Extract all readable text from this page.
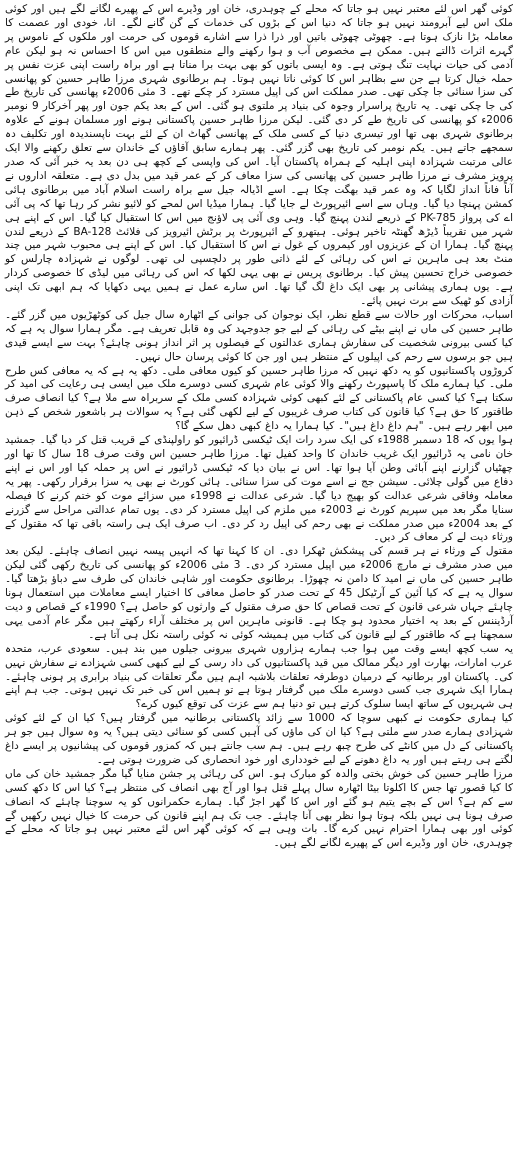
کوئی گھر اس لئے معتبر نہیں ہو جاتا کہ محلے کے چوہدری، خان اور وڈیرے اس کے پھیرے لگانے لگے ہیں اور کوئی ملک اس لیے آبرومند نہیں ہو جاتا کہ دنیا اس کے بڑوں کی خدمات کے گن گانے لگے۔ انا، خودی اور عصمت کا معاملہ بڑا نازک ہوتا ہے۔ چھوٹی چھوٹی باتیں اور ذرا ذرا سے اشارے قوموں کی حرمت اور ملکوں کے ناموس پر گہرے اثرات ڈالتے ہیں۔ ممکن ہے مخصوص آب و ہوا رکھنے والے منطقوں میں اس کا احساس نہ ہو لیکن عام آدمی کی حیات نہایت تنگ ہوتی ہے۔ وہ ایسی باتوں کو بھی بہت برا مناتا ہے اور براہ راست اپنی عزت نفس پر حملہ خیال کرتا ہے جن سے بظاہر اس کا کوئی ناتا نہیں ہوتا۔ ہم برطانوی شہری مرزا طاہر حسین کو پھانسی کی سزا سنائی جا چکی تھی۔ صدر مملکت اس کی اپیل مسترد کر چکے تھے۔ 3 مئی 2006ء پھانسی کی تاریخ طے کی جا چکی تھی۔ یہ تاریخ پراسرار وجوہ کی بنیاد پر ملتوی ہو گئی۔ اس کے بعد یکم جون اور پھر آخرکار 9 نومبر 2006ء کو پھانسی کی تاریخ طے کر دی گئی۔ لیکن مرزا طاہر حسین پاکستانی ہونے اور مسلمان ہونے کے علاوہ برطانوی شہری بھی تھا اور تیسری دنیا کے کسی ملک کے پھانسی گھاٹ ان کے لئے بہت ناپسندیدہ اور تکلیف دہ سمجھے جاتے ہیں۔ یکم نومبر کی تاریخ بھی گزر گئی۔ پھر ہمارے سابق آقاؤں کے خاندان سے تعلق رکھنے والا ایک عالی مرتبت شہزادہ اپنی اہلیہ کے ہمراہ پاکستان آیا۔ اس کی واپسی کے کچھ ہی دن بعد یہ خبر آئی کہ صدر پرویز مشرف نے مرزا طاہر حسین کی پھانسی کی سزا معاف کر کے عمر قید میں بدل دی ہے۔ متعلقہ اداروں نے آناً فاناً انداز لگایا کہ وہ عمر قید بھگت چکا ہے۔ اسے اڈیالہ جیل سے براہ راست اسلام آباد میں برطانوی ہائی کمشن پہنچا دیا گیا۔ وہاں سے اسے ائیرپورٹ لے جایا گیا۔ ہمارا میڈیا اس لمحے کو لائیو نشر کر رہا تھا کہ پی آئی اے کی پرواز PK-785 کے ذریعے لندن پہنچ گیا۔ وہی وی آئی پی لاؤنج میں اس کا استقبال کیا گیا۔ اس کے اپنے ہی شہر میں تقریباً ڈیڑھ گھنٹہ تاخیر ہوئی۔ ہیتھرو کے ائیرپورٹ پر برٹش ائیرویز کی فلائٹ BA-128 کے ذریعے لندن پہنچ گیا۔ ہمارا ان کے عزیزوں اور کیمروں کے غول نے اس کا استقبال کیا۔ اس کے اپنے ہی محبوب شہر میں چند منٹ بعد ہی ماہرین نے اس کی رہائی کے لئے ذاتی طور پر دلچسپی لی تھی۔ لوگوں نے شہزادہ چارلس کو خصوصی خراج تحسین پیش کیا۔ برطانوی پریس نے بھی یہی لکھا کہ اس کی رہائی میں لیڈی کا خصوصی کردار ہے۔ یوں ہماری پیشانی پر بھی ایک داغ لگ گیا تھا۔ اس سارے عمل نے ہمیں یہی دکھایا کہ ہم ابھی تک اپنی آزادی کو ٹھیک سے برت نہیں پائے۔

اسباب، محرکات اور حالات سے قطع نظر، ایک نوجوان کی جوانی کے اٹھارہ سال جیل کی کوٹھڑیوں میں گزر گئے۔ طاہر حسین کی ماں نے اپنے بیٹے کی رہائی کے لیے جو جدوجہد کی وہ قابل تعریف ہے۔ مگر ہمارا سوال یہ ہے کہ کیا کسی بیرونی شخصیت کی سفارش ہماری عدالتوں کے فیصلوں پر اثر انداز ہونی چاہئے؟ بہت سے ایسے قیدی ہیں جو برسوں سے رحم کی اپیلوں کے منتظر ہیں اور جن کا کوئی پرسان حال نہیں۔

کروڑوں پاکستانیوں کو یہ دکھ نہیں کہ مرزا طاہر حسین کو کیوں معافی ملی۔ دکھ یہ ہے کہ یہ معافی کس طرح ملی۔ کیا ہمارے ملک کا پاسپورٹ رکھنے والا کوئی عام شہری کسی دوسرے ملک میں ایسی ہی رعایت کی امید کر سکتا ہے؟ کیا کسی عام پاکستانی کے لئے کبھی کوئی شہزادہ کسی ملک کے سربراہ سے ملا ہے؟ کیا انصاف صرف طاقتور کا حق ہے؟ کیا قانون کی کتاب صرف غریبوں کے لیے لکھی گئی ہے؟ یہ سوالات ہر باشعور شخص کے ذہن میں ابھر رہے ہیں۔ "ہم داغ داغ ہیں"۔ کیا ہمارا یہ داغ کبھی دھل سکے گا؟

ہوا یوں کہ 18 دسمبر 1988ء کی ایک سرد رات ایک ٹیکسی ڈرائیور کو راولپنڈی کے قریب قتل کر دیا گیا۔ جمشید خان نامی یہ ڈرائیور ایک غریب خاندان کا واحد کفیل تھا۔ مرزا طاہر حسین اس وقت صرف 18 سال کا تھا اور چھٹیاں گزارنے اپنے آبائی وطن آیا ہوا تھا۔ اس نے بیان دیا کہ ٹیکسی ڈرائیور نے اس پر حملہ کیا اور اس نے اپنے دفاع میں گولی چلائی۔ سیشن جج نے اسے موت کی سزا سنائی۔ ہائی کورٹ نے بھی یہ سزا برقرار رکھی۔ پھر یہ معاملہ وفاقی شرعی عدالت کو بھیج دیا گیا۔ شرعی عدالت نے 1998ء میں سزائے موت کو ختم کرنے کا فیصلہ سنایا مگر بعد میں سپریم کورٹ نے 2003ء میں ملزم کی اپیل مسترد کر دی۔ یوں تمام عدالتی مراحل سے گزرنے کے بعد 2004ء میں صدر مملکت نے بھی رحم کی اپیل رد کر دی۔ اب صرف ایک ہی راستہ باقی تھا کہ مقتول کے ورثاء دیت لے کر معاف کر دیں۔

مقتول کے ورثاء نے ہر قسم کی پیشکش ٹھکرا دی۔ ان کا کہنا تھا کہ انہیں پیسہ نہیں انصاف چاہئے۔ لیکن بعد میں صدر مشرف نے مارچ 2006ء میں اپیل مسترد کر دی۔ 3 مئی 2006ء کو پھانسی کی تاریخ رکھی گئی لیکن طاہر حسین کی ماں نے امید کا دامن نہ چھوڑا۔ برطانوی حکومت اور شاہی خاندان کی طرف سے دباؤ بڑھتا گیا۔ سوال یہ ہے کہ کیا آئین کے آرٹیکل 45 کے تحت صدر کو حاصل معافی کا اختیار ایسے معاملات میں استعمال ہونا چاہئے جہاں شرعی قانون کے تحت قصاص کا حق صرف مقتول کے وارثوں کو حاصل ہے؟ 1990ء کے قصاص و دیت آرڈیننس کے بعد یہ اختیار محدود ہو چکا ہے۔ قانونی ماہرین اس پر مختلف آراء رکھتے ہیں مگر عام آدمی یہی سمجھتا ہے کہ طاقتور کے لیے قانون کی کتاب میں ہمیشہ کوئی نہ کوئی راستہ نکل ہی آتا ہے۔

یہ سب کچھ ایسے وقت میں ہوا جب ہمارے ہزاروں شہری بیرونی جیلوں میں بند ہیں۔ سعودی عرب، متحدہ عرب امارات، بھارت اور دیگر ممالک میں قید پاکستانیوں کی داد رسی کے لیے کبھی کسی شہزادے نے سفارش نہیں کی۔ پاکستان اور برطانیہ کے درمیان دوطرفہ تعلقات بلاشبہ اہم ہیں مگر تعلقات کی بنیاد برابری پر ہونی چاہئے۔ ہمارا ایک شہری جب کسی دوسرے ملک میں گرفتار ہوتا ہے تو ہمیں اس کی خبر تک نہیں ہوتی۔ جب ہم اپنے ہی شہریوں کے ساتھ ایسا سلوک کرتے ہیں تو دنیا ہم سے عزت کی توقع کیوں کرے؟

کیا ہماری حکومت نے کبھی سوچا کہ 1000 سے زائد پاکستانی برطانیہ میں گرفتار ہیں؟ کیا ان کے لئے کوئی شہزادی ہمارے صدر سے ملتی ہے؟ کیا ان کی ماؤں کی آہیں کسی کو سنائی دیتی ہیں؟ یہ وہ سوال ہیں جو ہر پاکستانی کے دل میں کانٹے کی طرح چبھ رہے ہیں۔ ہم سب جانتے ہیں کہ کمزور قوموں کی پیشانیوں پر ایسے داغ لگتے ہی رہتے ہیں اور یہ داغ دھونے کے لیے خودداری اور خود انحصاری کی ضرورت ہوتی ہے۔

مرزا طاہر حسین کی خوش بختی والدہ کو مبارک ہو۔ اس کی رہائی پر جشن منایا گیا مگر جمشید خان کی ماں کا کیا قصور تھا جس کا اکلوتا بیٹا اٹھارہ سال پہلے قتل ہوا اور آج بھی انصاف کی منتظر ہے؟ کیا اس کا دکھ کسی سے کم ہے؟ اس کے بچے یتیم ہو گئے اور اس کا گھر اجڑ گیا۔ ہمارے حکمرانوں کو یہ سوچنا چاہئے کہ انصاف صرف ہونا ہی نہیں بلکہ ہوتا ہوا نظر بھی آنا چاہئے۔ جب تک ہم اپنے قانون کی حرمت کا خیال نہیں رکھیں گے کوئی اور بھی ہمارا احترام نہیں کرے گا۔ بات وہی ہے کہ کوئی گھر اس لئے معتبر نہیں ہو جاتا کہ محلے کے چوہدری، خان اور وڈیرے اس کے پھیرے لگانے لگے ہیں۔
